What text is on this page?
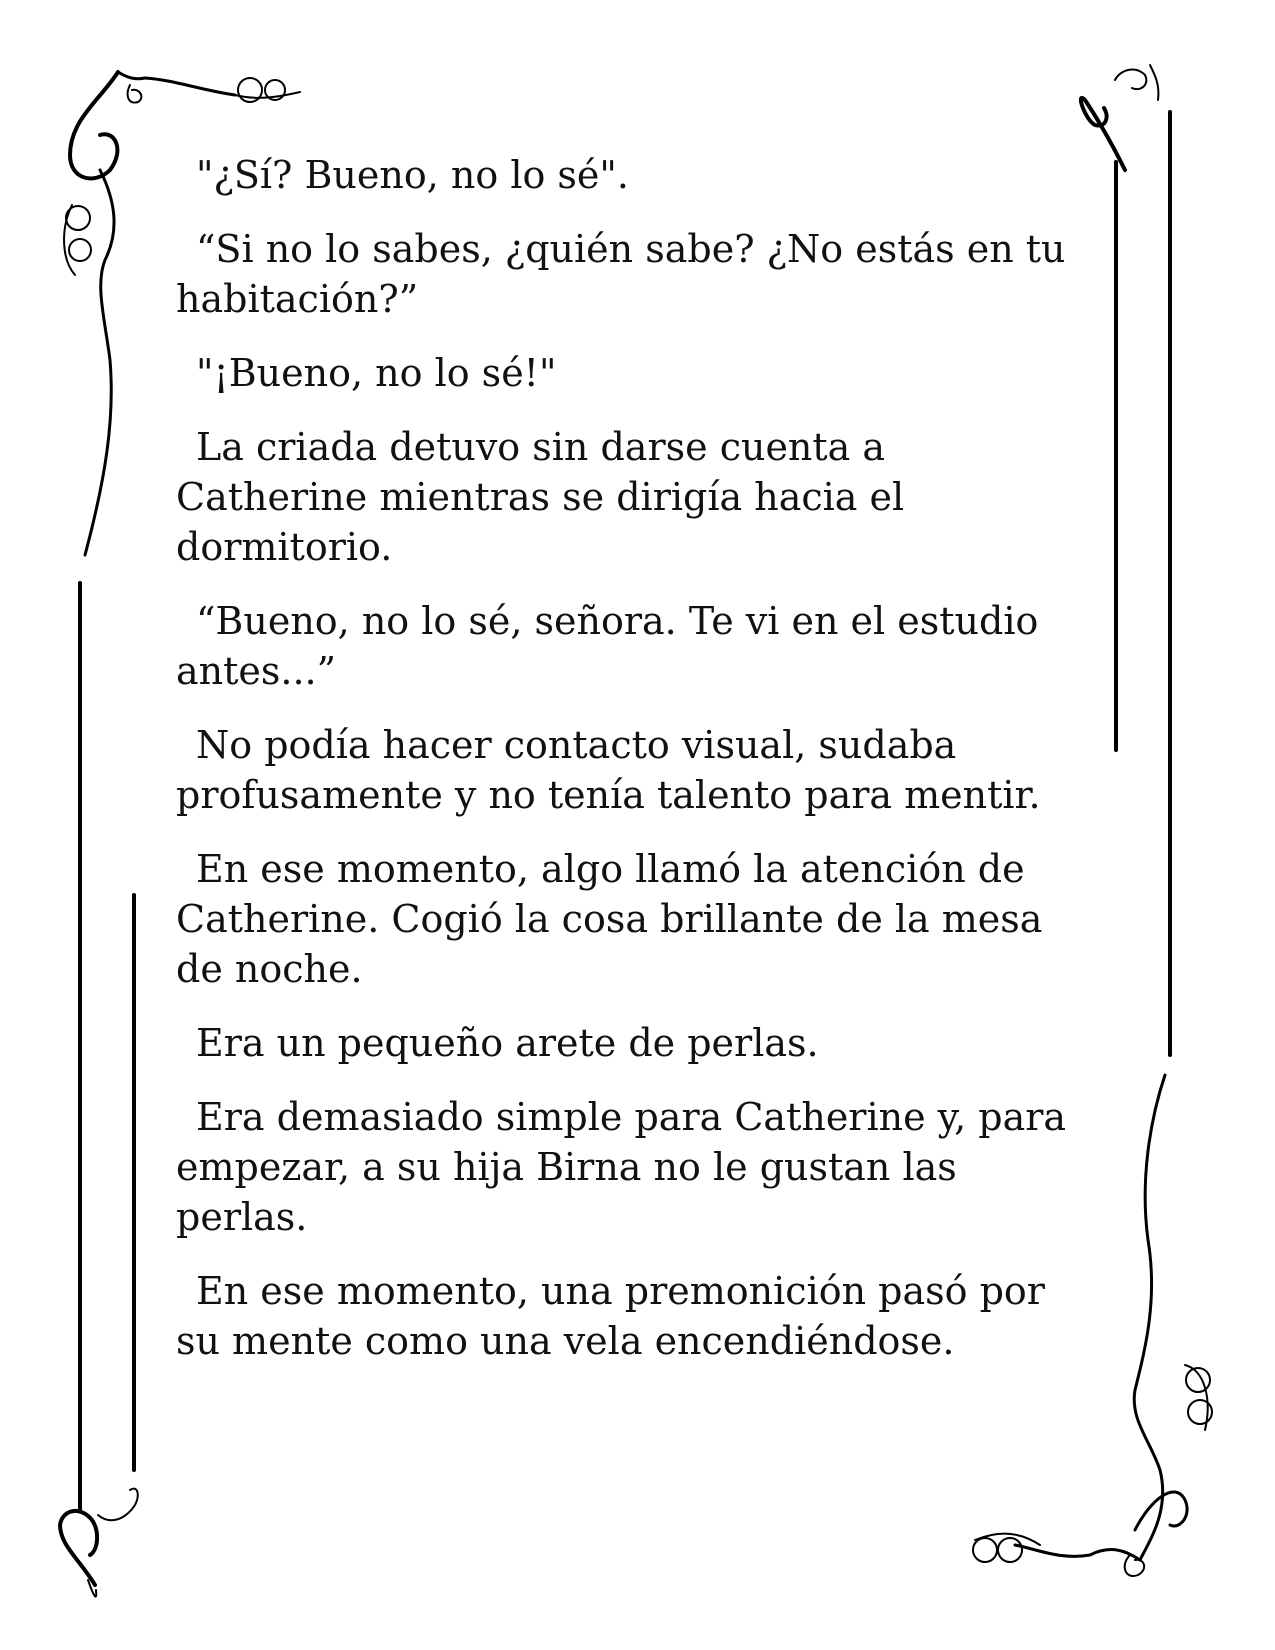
"¿Sí? Bueno, no lo sé".

“Si no lo sabes, ¿quién sabe? ¿No estás en tu habitación?”

"¡Bueno, no lo sé!"

La criada detuvo sin darse cuenta a Catherine mientras se dirigía hacia el dormitorio.

“Bueno, no lo sé, señora. Te vi en el estudio antes...”

No podía hacer contacto visual, sudaba profusamente y no tenía talento para mentir.

En ese momento, algo llamó la atención de Catherine. Cogió la cosa brillante de la mesa de noche.

Era un pequeño arete de perlas.

Era demasiado simple para Catherine y, para empezar, a su hija Birna no le gustan las perlas.

En ese momento, una premonición pasó por su mente como una vela encendiéndose.
